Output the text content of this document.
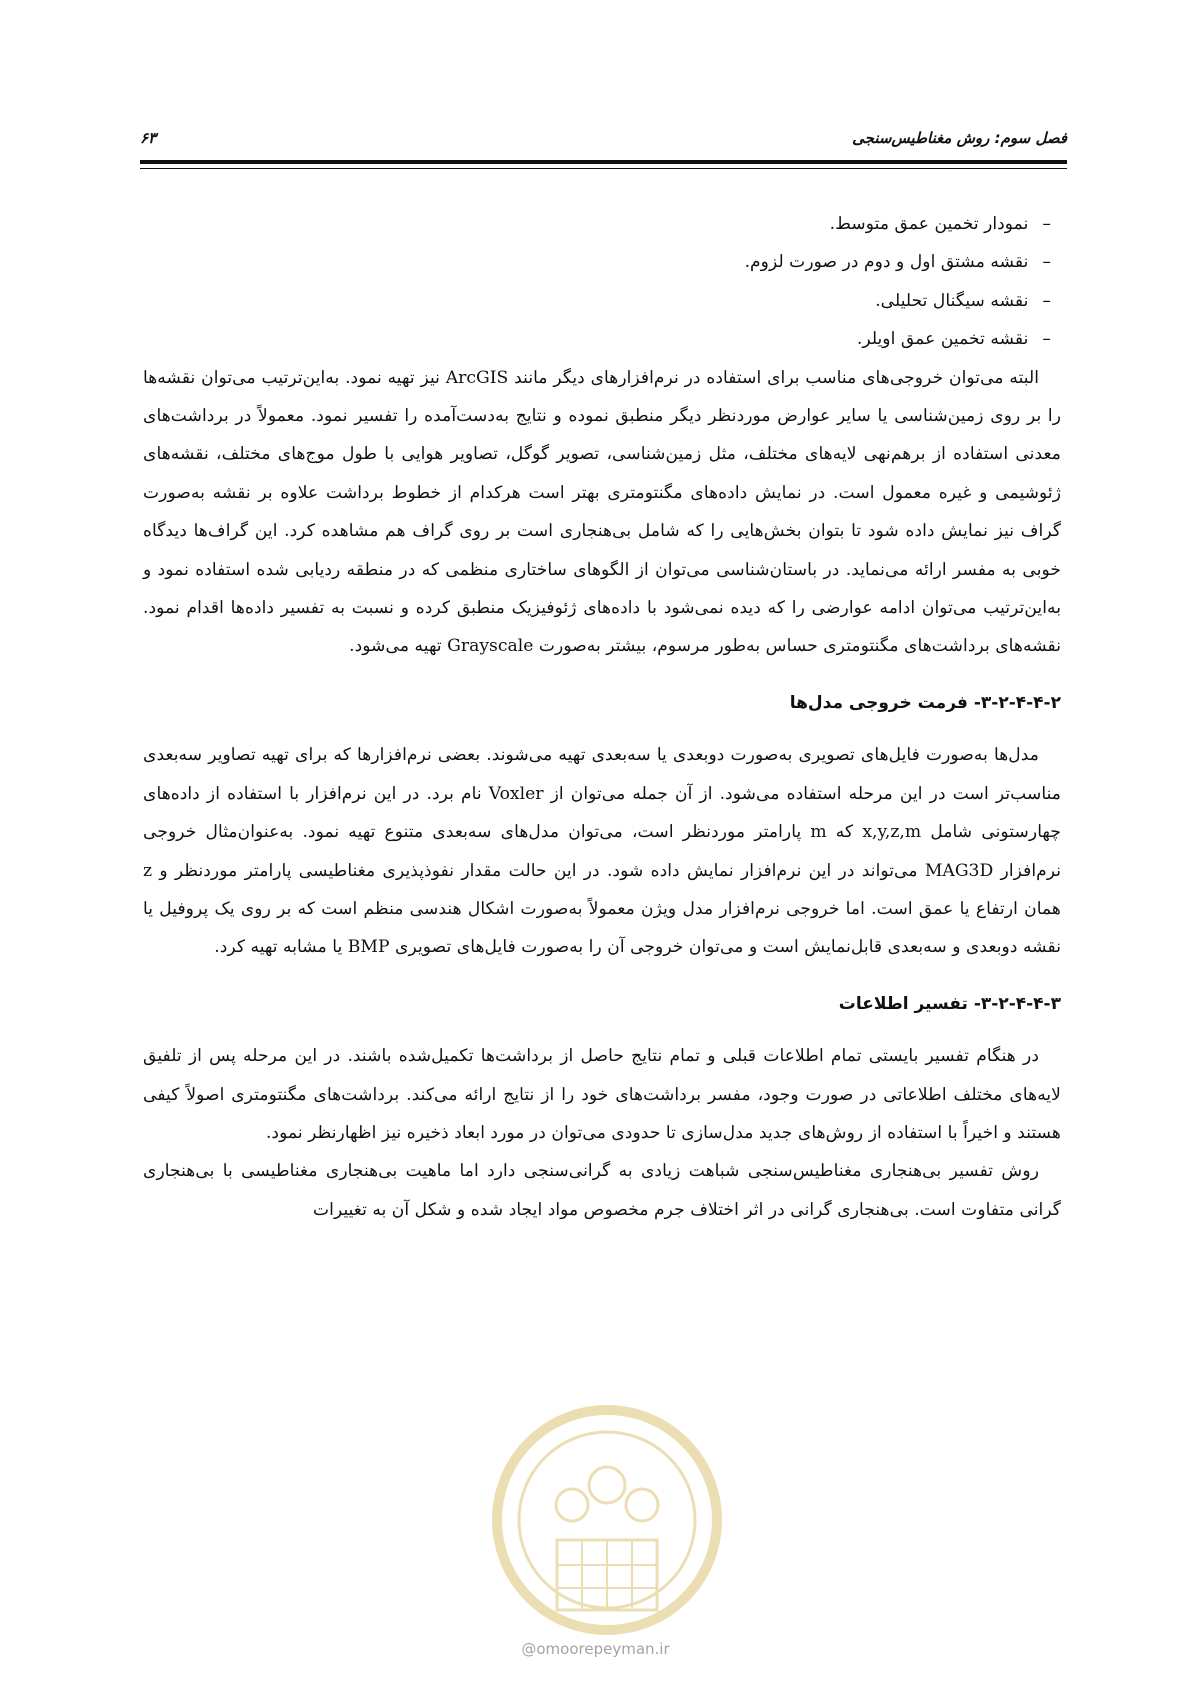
۶۳	فصل سوم: روش مغناطیس‌سنجی
–
نمودار تخمین عمق متوسط.
–
نقشه مشتق اول و دوم در صورت لزوم.
–
نقشه سیگنال تحلیلی.
–
نقشه تخمین عمق اویلر.

البته می‌توان خروجی‌های مناسب برای استفاده در نرم‌افزارهای دیگر مانند ArcGIS نیز تهیه نمود. به‌این‌ترتیب می‌توان نقشه‌ها را بر روی زمین‌شناسی یا سایر عوارض موردنظر دیگر منطبق نموده و نتایج به‌دست‌آمده را تفسیر نمود. معمولاً در برداشت‌های معدنی استفاده از برهم‌نهی لایه‌های مختلف، مثل زمین‌شناسی، تصویر گوگل، تصاویر هوایی با طول موج‌های مختلف، نقشه‌های ژئوشیمی و غیره معمول است. در نمایش داده‌های مگنتومتری بهتر است هرکدام از خطوط برداشت علاوه بر نقشه به‌صورت گراف نیز نمایش داده شود تا بتوان بخش‌هایی را که شامل بی‌هنجاری است بر روی گراف هم مشاهده کرد. این گراف‌ها دیدگاه خوبی به مفسر ارائه می‌نماید. در باستان‌شناسی می‌توان از الگوهای ساختاری منظمی که در منطقه ردیابی شده استفاده نمود و به‌این‌ترتیب می‌توان ادامه عوارضی را که دیده نمی‌شود با داده‌های ژئوفیزیک منطبق کرده و نسبت به تفسیر داده‌ها اقدام نمود. نقشه‌های برداشت‌های مگنتومتری حساس به‌طور مرسوم، بیشتر به‌صورت Grayscale تهیه می‌شود.

۳-۲-۴-۴-۲- فرمت خروجی مدل‌ها

مدل‌ها به‌صورت فایل‌های تصویری به‌صورت دوبعدی یا سه‌بعدی تهیه می‌شوند. بعضی نرم‌افزارها که برای تهیه تصاویر سه‌بعدی مناسب‌تر است در این مرحله استفاده می‌شود. از آن جمله می‌توان از Voxler نام برد. در این نرم‌افزار با استفاده از داده‌های چهارستونی شامل x,y,z,m که m پارامتر موردنظر است، می‌توان مدل‌های سه‌بعدی متنوع تهیه نمود. به‌عنوان‌مثال خروجی نرم‌افزار MAG3D می‌تواند در این نرم‌افزار نمایش داده شود. در این حالت مقدار نفوذپذیری مغناطیسی پارامتر موردنظر و z همان ارتفاع یا عمق است. اما خروجی نرم‌افزار مدل ویژن معمولاً به‌صورت اشکال هندسی منظم است که بر روی یک پروفیل یا نقشه دوبعدی و سه‌بعدی قابل‌نمایش است و می‌توان خروجی آن را به‌صورت فایل‌های تصویری BMP یا مشابه تهیه کرد.

۳-۲-۴-۴-۳- تفسیر اطلاعات

در هنگام تفسیر بایستی تمام اطلاعات قبلی و تمام نتایج حاصل از برداشت‌ها تکمیل‌شده باشند. در این مرحله پس از تلفیق لایه‌های مختلف اطلاعاتی در صورت وجود، مفسر برداشت‌های خود را از نتایج ارائه می‌کند. برداشت‌های مگنتومتری اصولاً کیفی هستند و اخیراً با استفاده از روش‌های جدید مدل‌سازی تا حدودی می‌توان در مورد ابعاد ذخیره نیز اظهارنظر نمود.

روش تفسیر بی‌هنجاری مغناطیس‌سنجی شباهت زیادی به گرانی‌سنجی دارد اما ماهیت بی‌هنجاری مغناطیسی با بی‌هنجاری گرانی متفاوت است. بی‌هنجاری گرانی در اثر اختلاف جرم مخصوص مواد ایجاد شده و شکل آن به تغییرات

@omoorepeyman.ir
